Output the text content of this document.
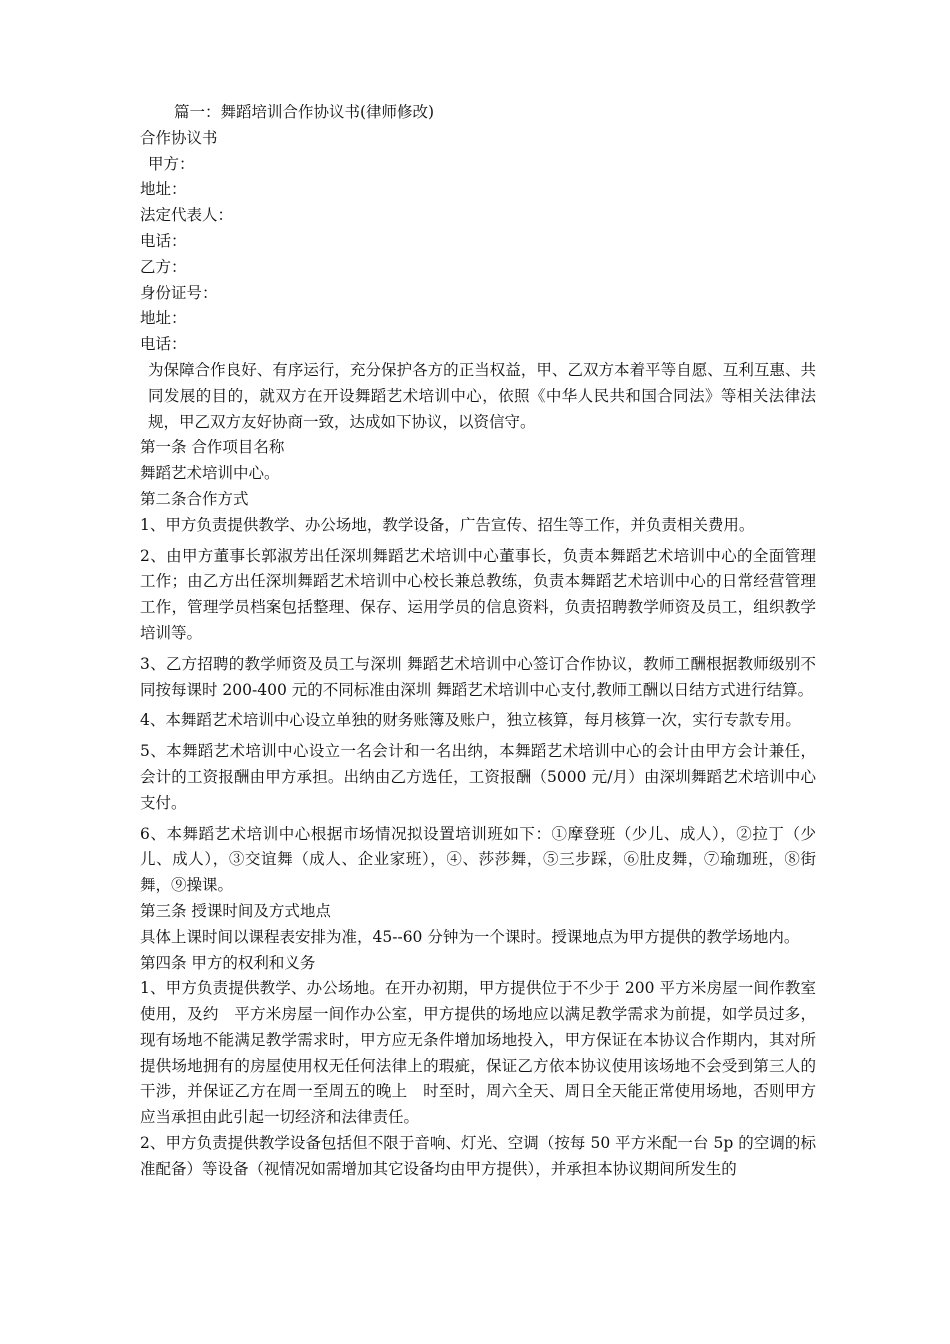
篇一：舞蹈培训合作协议书(律师修改)
合作协议书
甲方：
地址：
法定代表人：
电话：
乙方：
身份证号：
地址：
电话：

为保障合作良好、有序运行，充分保护各方的正当权益，甲、乙双方本着平等自愿、互利互惠、共同发展的目的，就双方在开设舞蹈艺术培训中心，依照《中华人民共和国合同法》等相关法律法规，甲乙双方友好协商一致，达成如下协议，以资信守。

第一条 合作项目名称
舞蹈艺术培训中心。
第二条合作方式

1、甲方负责提供教学、办公场地，教学设备，广告宣传、招生等工作，并负责相关费用。

2、由甲方董事长郭淑芳出任深圳舞蹈艺术培训中心董事长，负责本舞蹈艺术培训中心的全面管理工作；由乙方出任深圳舞蹈艺术培训中心校长兼总教练，负责本舞蹈艺术培训中心的日常经营管理工作，管理学员档案包括整理、保存、运用学员的信息资料，负责招聘教学师资及员工，组织教学培训等。

3、乙方招聘的教学师资及员工与深圳 舞蹈艺术培训中心签订合作协议，教师工酬根据教师级别不同按每课时 200-400 元的不同标准由深圳 舞蹈艺术培训中心支付,教师工酬以日结方式进行结算。

4、本舞蹈艺术培训中心设立单独的财务账簿及账户，独立核算，每月核算一次，实行专款专用。

5、本舞蹈艺术培训中心设立一名会计和一名出纳，本舞蹈艺术培训中心的会计由甲方会计兼任，会计的工资报酬由甲方承担。出纳由乙方选任，工资报酬（5000 元/月）由深圳舞蹈艺术培训中心支付。

6、本舞蹈艺术培训中心根据市场情况拟设置培训班如下：①摩登班（少儿、成人），②拉丁（少儿、成人），③交谊舞（成人、企业家班），④、莎莎舞，⑤三步踩，⑥肚皮舞，⑦瑜珈班，⑧街舞，⑨操课。

第三条 授课时间及方式地点

具体上课时间以课程表安排为准，45--60 分钟为一个课时。授课地点为甲方提供的教学场地内。

第四条 甲方的权利和义务

1、甲方负责提供教学、办公场地。在开办初期，甲方提供位于不少于 200 平方米房屋一间作教室使用，及约　平方米房屋一间作办公室，甲方提供的场地应以满足教学需求为前提，如学员过多，现有场地不能满足教学需求时，甲方应无条件增加场地投入，甲方保证在本协议合作期内，其对所提供场地拥有的房屋使用权无任何法律上的瑕疵，保证乙方依本协议使用该场地不会受到第三人的干涉，并保证乙方在周一至周五的晚上　时至时，周六全天、周日全天能正常使用场地，否则甲方应当承担由此引起一切经济和法律责任。

2、甲方负责提供教学设备包括但不限于音响、灯光、空调（按每 50 平方米配一台 5p 的空调的标准配备）等设备（视情况如需增加其它设备均由甲方提供），并承担本协议期间所发生的
